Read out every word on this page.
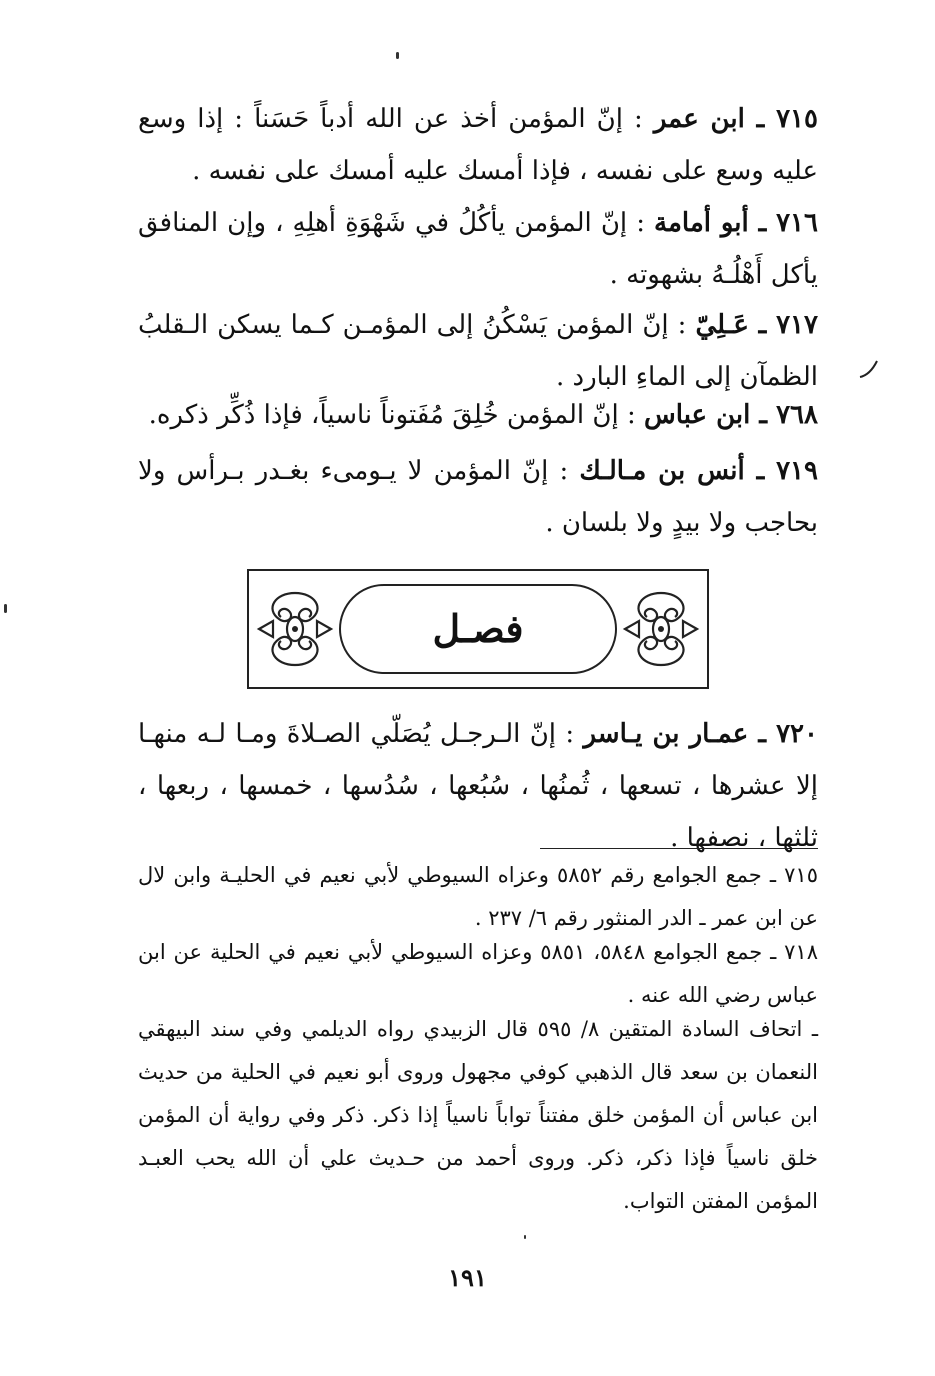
٧١٥ ـ ابن عمر : إنّ المؤمن أخذ عن الله أدباً حَسَناً : إذا وسع عليه وسع على نفسه ، فإذا أمسك عليه أمسك على نفسه .

٧١٦ ـ أبو أمامة : إنّ المؤمن يأكُلُ في شَهْوَةِ أهلِهِ ، وإن المنافق يأكل أَهْلُـهُ بشهوته .

٧١٧ ـ عَـلِيّ : إنّ المؤمن يَسْكُنُ إلى المؤمـن كـما يسكن الـقلبُ الظمآن إلى الماءِ البارد .

٧٦٨ ـ ابن عباس : إنّ المؤمن خُلِقَ مُفَتوناً ناسياً، فإذا ذُكِّر ذكره.

٧١٩ ـ أنس بن مـالـك : إنّ المؤمن لا يـومىء بغـدر بـرأس ولا بحاجب ولا بيدٍ ولا بلسان .

فصـل

٧٢٠ ـ عمـار بن يـاسر : إنّ الـرجـل يُصَلّي الصـلاةَ ومـا لـه منهـا إلا عشرها ، تسعها ، ثُمنُها ، سُبُعها ، سُدُسها ، خمسها ، ربعها ، ثلثها ، نصفها .

٧١٥ ـ جمع الجوامع رقم ٥٨٥٢ وعزاه السيوطي لأبي نعيم في الحليـة وابن لال عن ابن عمر ـ الدر المنثور رقم ٦/ ٢٣٧ .

٧١٨ ـ جمع الجوامع ٥٨٤٨، ٥٨٥١ وعزاه السيوطي لأبي نعيم في الحلية عن ابن عباس رضي الله عنه .

ـ اتحاف السادة المتقين ٨/ ٥٩٥ قال الزبيدي رواه الديلمي وفي سند البيهقي النعمان بن سعد قال الذهبي كوفي مجهول وروى أبو نعيم في الحلية من حديث ابن عباس أن المؤمن خلق مفتناً تواباً ناسياً إذا ذكر. ذكر وفي رواية أن المؤمن خلق ناسياً فإذا ذكر، ذكر. وروى أحمد من حـديث علي أن الله يحب العبـد المؤمن المفتن التواب.

١٩١
